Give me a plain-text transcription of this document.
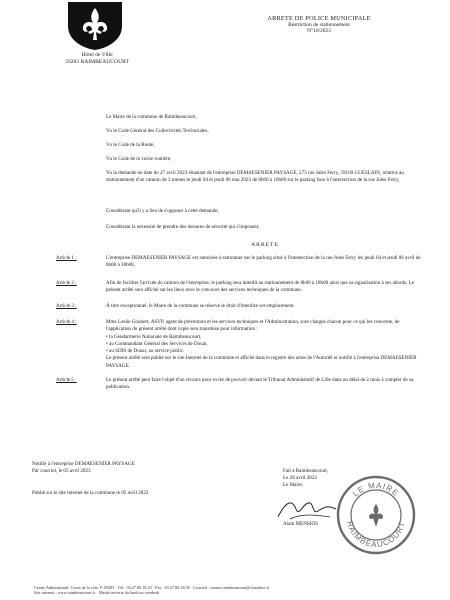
Hôtel de Ville
59283 RAIMBEAUCOURT
ARRETE DE POLICE MUNICIPALE
Restriction de stationnement
N°10/2023
Le Maire de la commune de Raimbeaucourt,
Vu le Code Général des Collectivités Territoriales,
Vu le Code de la Route,
Vu le Code de la voirie routière,
Vu la demande en date du 27 avril 2023 émanant de l'entreprise DEMAESENIER PAYSAGE, 273 rue Jules Ferry, 59169 GUESLAIN, relative au stationnement d'un camion de 3 tonnes le jeudi 04 et jeudi 06 mai 2023 de 8h00 à 18h00 sur le parking face à l'intersection de la rue Jules Ferry,
Considérant qu'il y a lieu de s'opposer à cette demande,
Considérant la nécessité de prendre des mesures de sécurité qui s'imposent,
ARRETE
Article 1 :	L'entreprise DEMAESENIER PAYSAGE est autorisée à stationner sur le parking situé à l'intersection de la rue Jules Ferry les jeudi 04 et jeudi 06 avril de 8h00 à 18h00.
Article 2 :	Afin de faciliter l'arrivée du camion de l'entreprise, le parking sera interdit au stationnement de 8h00 à 18h00 ainsi que sa signalisation à ses abords. Le présent arrêté sera affiché sur les lieux avec le concours des services techniques de la commune.
Article 3 :	À titre exceptionnel, le Maire de la commune se réserve le droit d'interdire cet emplacement.
Article 4 :	Mme Leslie Gouhert, ASVP, agent de prévention et les services techniques et l'Administration, sont chargés chacun pour ce qui les concerne, de l'application du présent arrêté dont copie sera transmise pour information :
• la Gendarmerie Nationale de Raimbeaucourt,
• au Commandant Général des Services de Douai,
• au SDIS de Douai, au service public.
Le présent arrêté sera publié sur le site Internet de la commune et affiché dans le registre des actes de l'Autorité et notifié à l'entreprise DEMAESENIER PAYSAGE.
Article 5 :	Le présent arrêté peut faire l'objet d'un recours pour excès de pouvoir devant le Tribunal Administratif de Lille dans un délai de 2 mois à compter de sa publication.
Notifié à l'entreprise DEMAESENIER PAYSAGE
Par courriel, le 05 avril 2023
Publié sur le site internet de la commune le 05 avril 2023
Fait à Raimbeaucourt,
Le 28 avril 2023
Le Maire,
Alain MENSIOS
LE MAIRE
RAIMBEAUCOURT
Centre Administratif, Cours de la voie, F-59283 · Tél : 03.27.80.18.18 · Fax : 03.27.80.18.30 · Courriel : mairie.raimbeaucourt@wanadoo.fr
Site internet : www.raimbeaucourt.fr · Mairie ouverte du lundi au vendredi
